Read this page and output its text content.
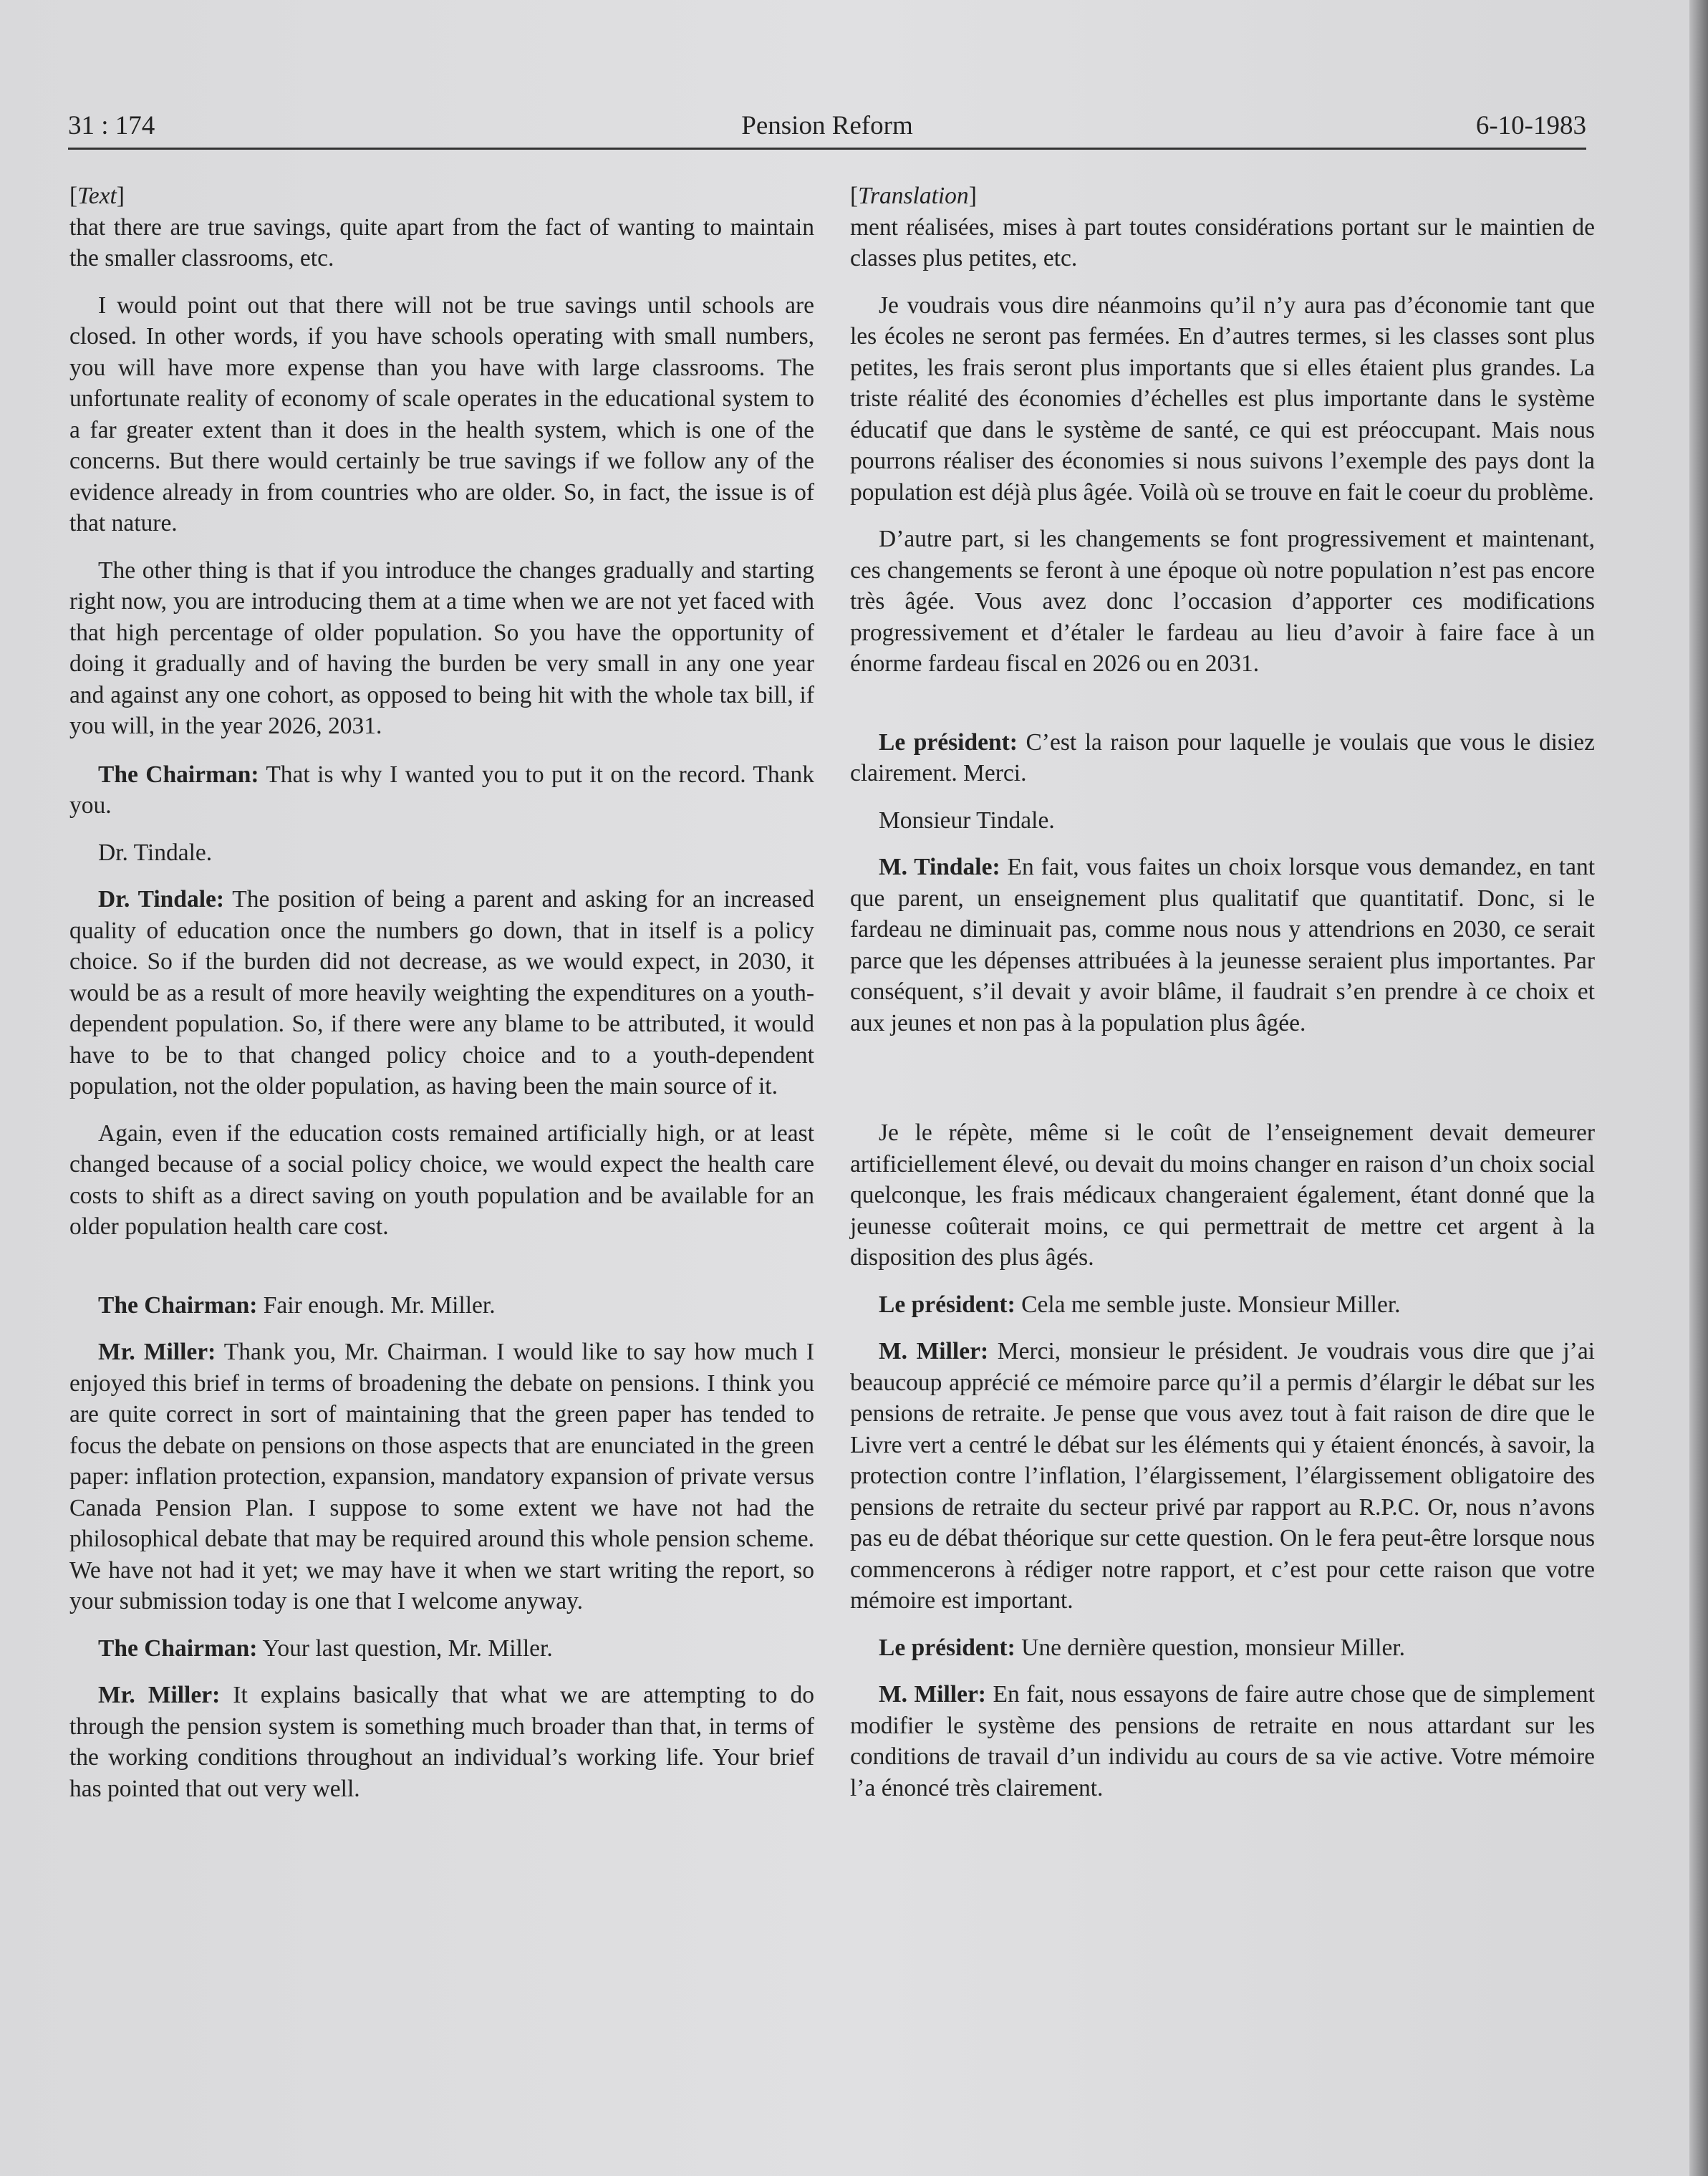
Pension Reform
31 : 174	6-10-1983

[Text]

that there are true savings, quite apart from the fact of wanting to maintain the smaller classrooms, etc.

I would point out that there will not be true savings until schools are closed. In other words, if you have schools operating with small numbers, you will have more expense than you have with large classrooms. The unfortunate reality of economy of scale operates in the educational system to a far greater extent than it does in the health system, which is one of the concerns. But there would certainly be true savings if we follow any of the evidence already in from countries who are older. So, in fact, the issue is of that nature.

The other thing is that if you introduce the changes gradually and starting right now, you are introducing them at a time when we are not yet faced with that high percentage of older population. So you have the opportunity of doing it gradually and of having the burden be very small in any one year and against any one cohort, as opposed to being hit with the whole tax bill, if you will, in the year 2026, 2031.

The Chairman: That is why I wanted you to put it on the record. Thank you.

Dr. Tindale.

Dr. Tindale: The position of being a parent and asking for an increased quality of education once the numbers go down, that in itself is a policy choice. So if the burden did not decrease, as we would expect, in 2030, it would be as a result of more heavily weighting the expenditures on a youth-dependent population. So, if there were any blame to be attributed, it would have to be to that changed policy choice and to a youth-dependent population, not the older population, as having been the main source of it.

Again, even if the education costs remained artificially high, or at least changed because of a social policy choice, we would expect the health care costs to shift as a direct saving on youth population and be available for an older population health care cost.

The Chairman: Fair enough. Mr. Miller.

Mr. Miller: Thank you, Mr. Chairman. I would like to say how much I enjoyed this brief in terms of broadening the debate on pensions. I think you are quite correct in sort of maintaining that the green paper has tended to focus the debate on pensions on those aspects that are enunciated in the green paper: inflation protection, expansion, mandatory expansion of private versus Canada Pension Plan. I suppose to some extent we have not had the philosophical debate that may be required around this whole pension scheme. We have not had it yet; we may have it when we start writing the report, so your submission today is one that I welcome anyway.

The Chairman: Your last question, Mr. Miller.

Mr. Miller: It explains basically that what we are attempting to do through the pension system is something much broader than that, in terms of the working conditions throughout an individual’s working life. Your brief has pointed that out very well.

[Translation]

ment réalisées, mises à part toutes considérations portant sur le maintien de classes plus petites, etc.

Je voudrais vous dire néanmoins qu’il n’y aura pas d’économie tant que les écoles ne seront pas fermées. En d’autres termes, si les classes sont plus petites, les frais seront plus importants que si elles étaient plus grandes. La triste réalité des économies d’échelles est plus importante dans le système éducatif que dans le système de santé, ce qui est préoccupant. Mais nous pourrons réaliser des économies si nous suivons l’exemple des pays dont la population est déjà plus âgée. Voilà où se trouve en fait le coeur du problème.

D’autre part, si les changements se font progressivement et maintenant, ces changements se feront à une époque où notre population n’est pas encore très âgée. Vous avez donc l’occasion d’apporter ces modifications progressivement et d’étaler le fardeau au lieu d’avoir à faire face à un énorme fardeau fiscal en 2026 ou en 2031.

Le président: C’est la raison pour laquelle je voulais que vous le disiez clairement. Merci.

Monsieur Tindale.

M. Tindale: En fait, vous faites un choix lorsque vous demandez, en tant que parent, un enseignement plus qualitatif que quantitatif. Donc, si le fardeau ne diminuait pas, comme nous nous y attendrions en 2030, ce serait parce que les dépenses attribuées à la jeunesse seraient plus importantes. Par conséquent, s’il devait y avoir blâme, il faudrait s’en prendre à ce choix et aux jeunes et non pas à la population plus âgée.

Je le répète, même si le coût de l’enseignement devait demeurer artificiellement élevé, ou devait du moins changer en raison d’un choix social quelconque, les frais médicaux changeraient également, étant donné que la jeunesse coûterait moins, ce qui permettrait de mettre cet argent à la disposition des plus âgés.

Le président: Cela me semble juste. Monsieur Miller.

M. Miller: Merci, monsieur le président. Je voudrais vous dire que j’ai beaucoup apprécié ce mémoire parce qu’il a permis d’élargir le débat sur les pensions de retraite. Je pense que vous avez tout à fait raison de dire que le Livre vert a centré le débat sur les éléments qui y étaient énoncés, à savoir, la protection contre l’inflation, l’élargissement, l’élargissement obligatoire des pensions de retraite du secteur privé par rapport au R.P.C. Or, nous n’avons pas eu de débat théorique sur cette question. On le fera peut-être lorsque nous commencerons à rédiger notre rapport, et c’est pour cette raison que votre mémoire est important.

Le président: Une dernière question, monsieur Miller.

M. Miller: En fait, nous essayons de faire autre chose que de simplement modifier le système des pensions de retraite en nous attardant sur les conditions de travail d’un individu au cours de sa vie active. Votre mémoire l’a énoncé très clairement.
